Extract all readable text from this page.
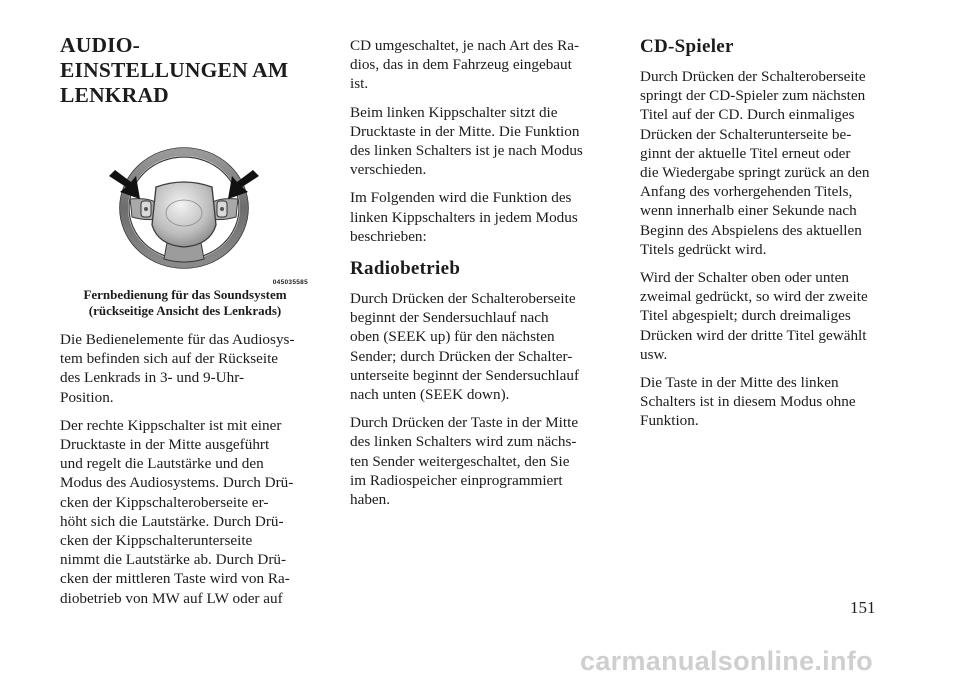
AUDIO-
EINSTELLUNGEN AM
LENKRAD
045035585
Fernbedienung für das Soundsystem
(rückseitige Ansicht des Lenkrads)

Die Bedienelemente für das Audiosys-
tem befinden sich auf der Rückseite
des Lenkrads in 3- und 9-Uhr-
Position.

Der rechte Kippschalter ist mit einer
Drucktaste in der Mitte ausgeführt
und regelt die Lautstärke und den
Modus des Audiosystems. Durch Drü-
cken der Kippschalteroberseite er-
höht sich die Lautstärke. Durch Drü-
cken der Kippschalterunterseite
nimmt die Lautstärke ab. Durch Drü-
cken der mittleren Taste wird von Ra-
diobetrieb von MW auf LW oder auf

CD umgeschaltet, je nach Art des Ra-
dios, das in dem Fahrzeug eingebaut
ist.

Beim linken Kippschalter sitzt die
Drucktaste in der Mitte. Die Funktion
des linken Schalters ist je nach Modus
verschieden.

Im Folgenden wird die Funktion des
linken Kippschalters in jedem Modus
beschrieben:

Radiobetrieb

Durch Drücken der Schalteroberseite
beginnt der Sendersuchlauf nach
oben (SEEK up) für den nächsten
Sender; durch Drücken der Schalter-
unterseite beginnt der Sendersuchlauf
nach unten (SEEK down).

Durch Drücken der Taste in der Mitte
des linken Schalters wird zum nächs-
ten Sender weitergeschaltet, den Sie
im Radiospeicher einprogrammiert
haben.

CD-Spieler

Durch Drücken der Schalteroberseite
springt der CD-Spieler zum nächsten
Titel auf der CD. Durch einmaliges
Drücken der Schalterunterseite be-
ginnt der aktuelle Titel erneut oder
die Wiedergabe springt zurück an den
Anfang des vorhergehenden Titels,
wenn innerhalb einer Sekunde nach
Beginn des Abspielens des aktuellen
Titels gedrückt wird.

Wird der Schalter oben oder unten
zweimal gedrückt, so wird der zweite
Titel abgespielt; durch dreimaliges
Drücken wird der dritte Titel gewählt
usw.

Die Taste in der Mitte des linken
Schalters ist in diesem Modus ohne
Funktion.

151
carmanualsonline.info
